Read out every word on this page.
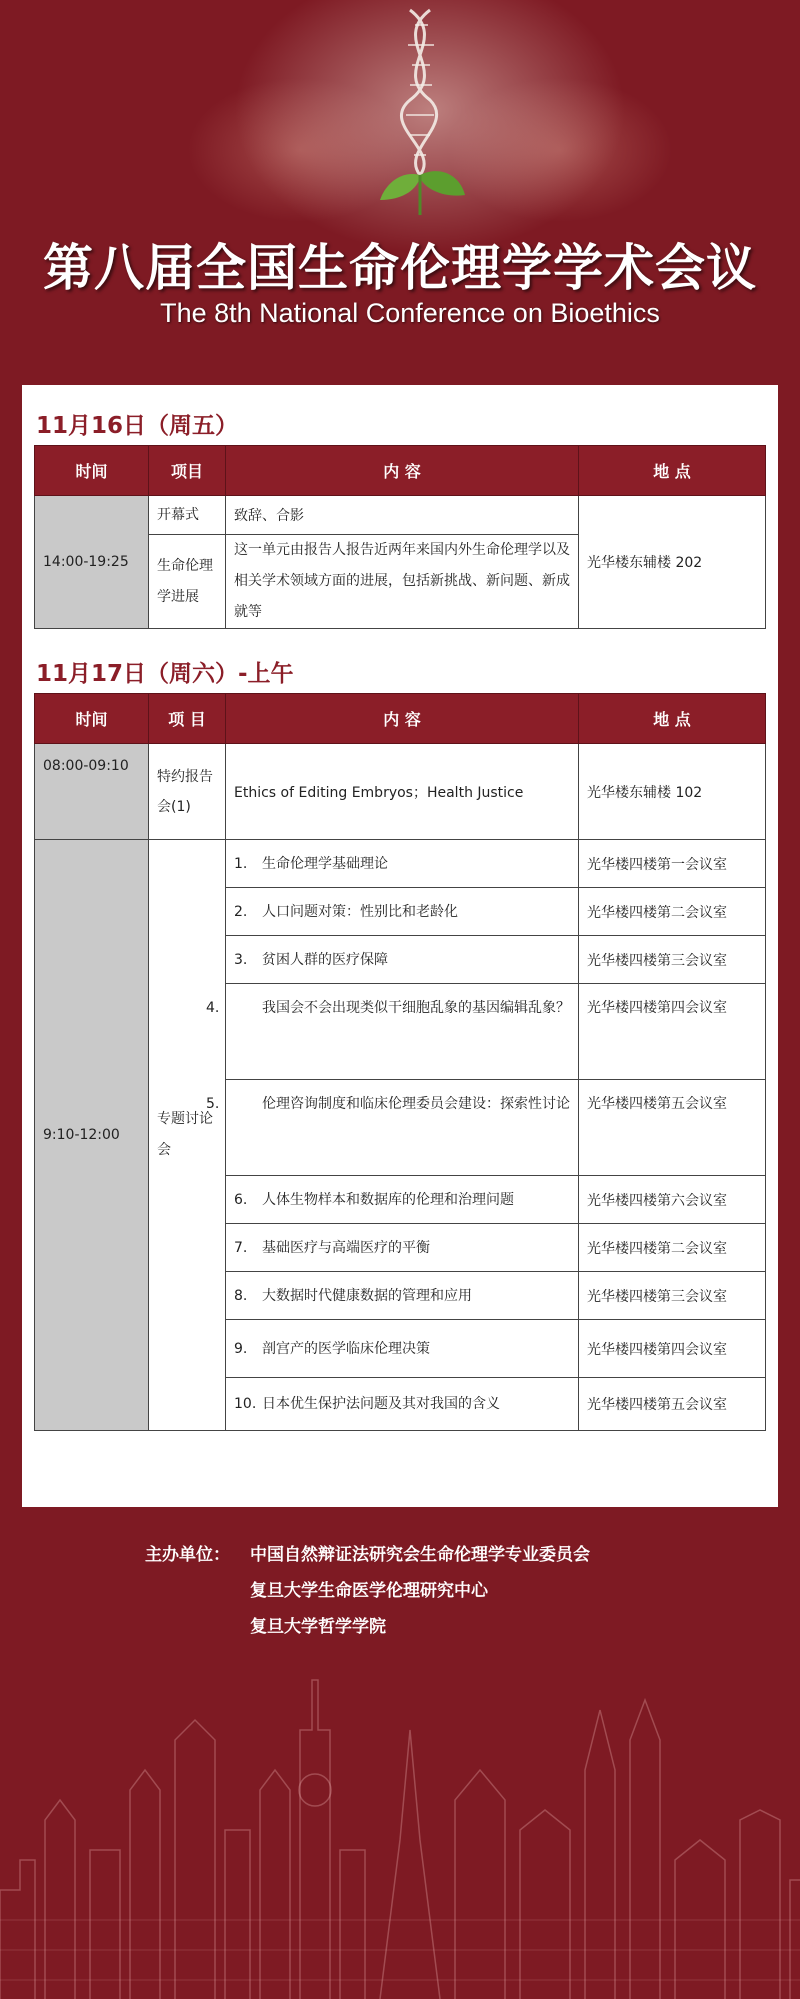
第八届全国生命伦理学学术会议
The 8th National Conference on Bioethics
11月16日（周五）
时间	项目	内 容	地 点
14:00-19:25	开幕式	致辞、合影	光华楼东辅楼 202
	生命伦理学进展	这一单元由报告人报告近两年来国内外生命伦理学以及相关学术领域方面的进展，包括新挑战、新问题、新成就等	
11月17日（周六）-上午
时间	项 目	内 容	地 点
08:00-09:10	特约报告会(1)	Ethics of Editing Embryos；Health Justice	光华楼东辅楼 102
9:10-12:00	专题讨论会	1. 生命伦理学基础理论	光华楼四楼第一会议室
		2. 人口问题对策：性别比和老龄化	光华楼四楼第二会议室
		3. 贫困人群的医疗保障	光华楼四楼第三会议室
		4. 我国会不会出现类似干细胞乱象的基因编辑乱象？	光华楼四楼第四会议室
		5. 伦理咨询制度和临床伦理委员会建设：探索性讨论	光华楼四楼第五会议室
		6. 人体生物样本和数据库的伦理和治理问题	光华楼四楼第六会议室
		7. 基础医疗与高端医疗的平衡	光华楼四楼第二会议室
		8. 大数据时代健康数据的管理和应用	光华楼四楼第三会议室
		9. 剖宫产的医学临床伦理决策	光华楼四楼第四会议室
		10. 日本优生保护法问题及其对我国的含义	光华楼四楼第五会议室
主办单位： 中国自然辩证法研究会生命伦理学专业委员会
复旦大学生命医学伦理研究中心
复旦大学哲学学院
